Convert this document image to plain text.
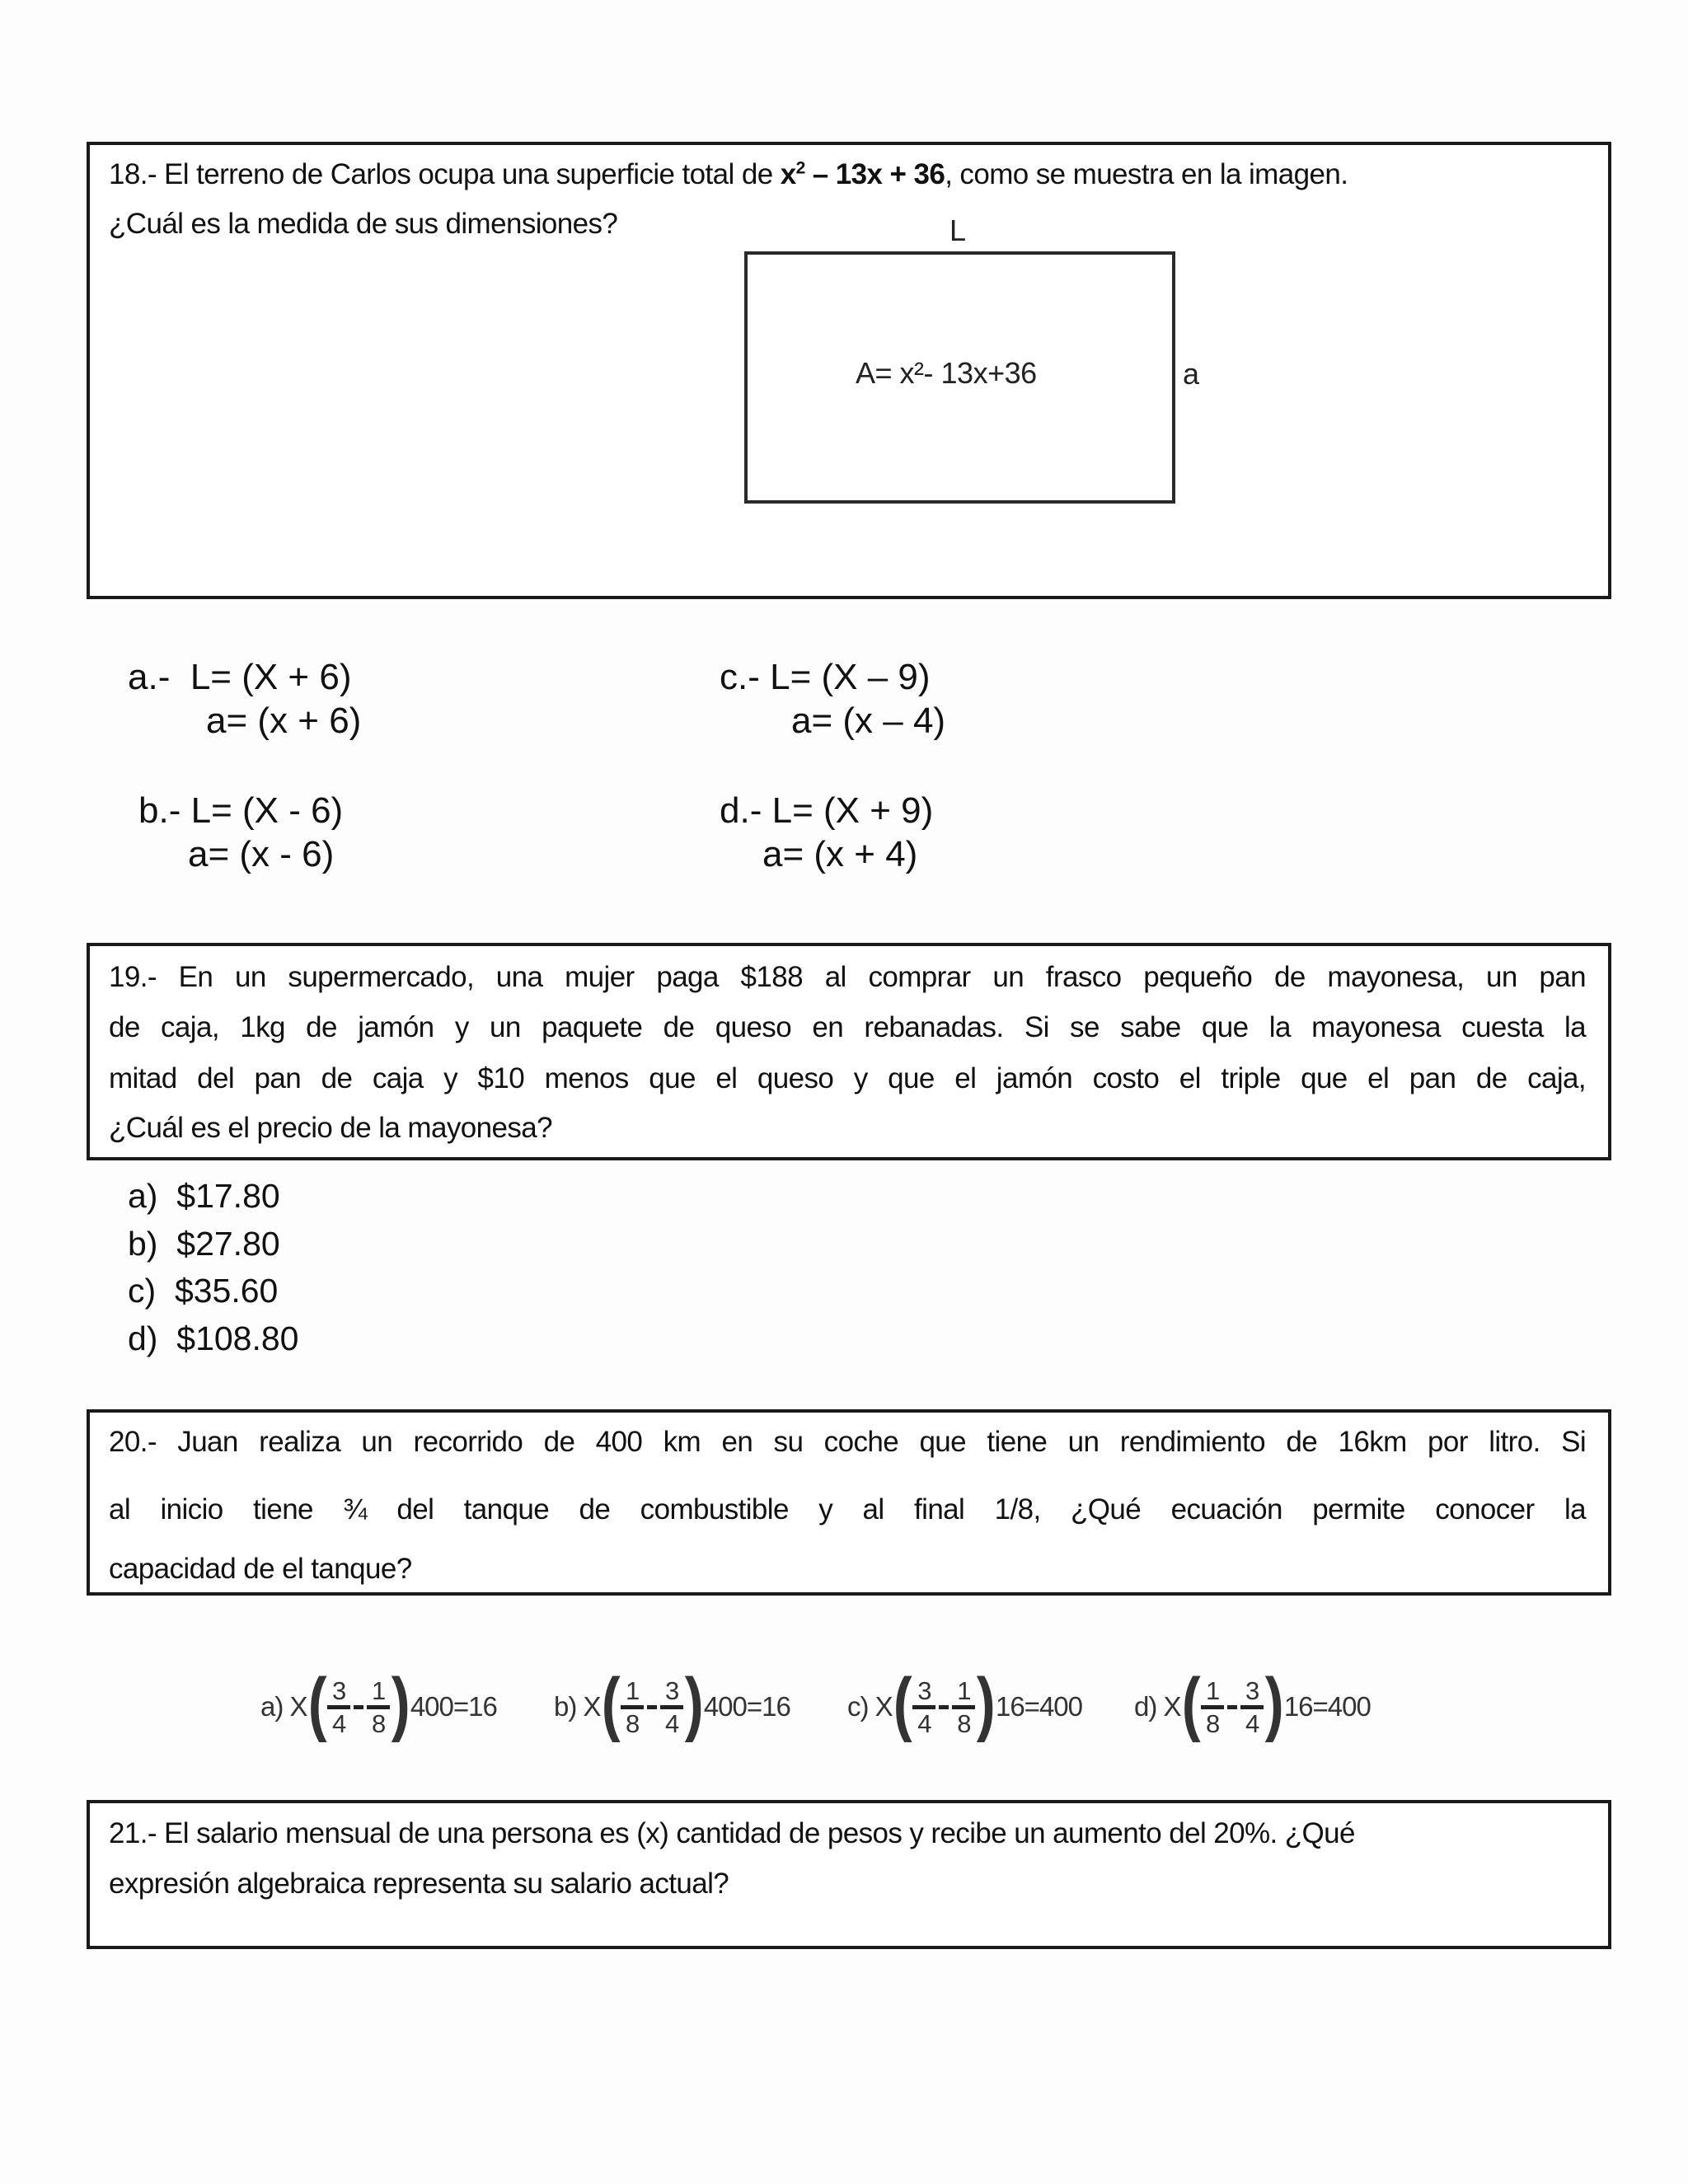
18.- El terreno de Carlos ocupa una superficie total de $x^2 - 13x + 36$, como se muestra en la imagen.
¿Cuál es la medida de sus dimensiones?	L
A= x²- 13x+36	a
a.- L= (X + 6)
a= (x + 6)
b.- L= (X - 6)
a= (x - 6)
c.- L= (X – 9)
a= (x – 4)
d.- L= (X + 9)
a= (x + 4)
19.- En un supermercado, una mujer paga $188 al comprar un frasco pequeño de mayonesa, un pan
de caja, 1kg de jamón y un paquete de queso en rebanadas. Si se sabe que la mayonesa cuesta la
mitad del pan de caja y $10 menos que el queso y que el jamón costo el triple que el pan de caja,
¿Cuál es el precio de la mayonesa?
a) $17.80
b) $27.80
c) $35.60
d) $108.80
20.- Juan realiza un recorrido de 400 km en su coche que tiene un rendimiento de 16km por litro. Si
al inicio tiene ¾ del tanque de combustible y al final 1/8, ¿Qué ecuación permite conocer la
capacidad de el tanque?
a)
X ( 3
4
1
8 ) 400=16 b)
X ( 1
8
3
4 ) 400=16 c)
X ( 3
4
1
8 ) 16=400 d)
X ( 1
8
3
4 ) 16=400
21.- El salario mensual de una persona es (x) cantidad de pesos y recibe un aumento del 20%. ¿Qué
expresión algebraica representa su salario actual?
